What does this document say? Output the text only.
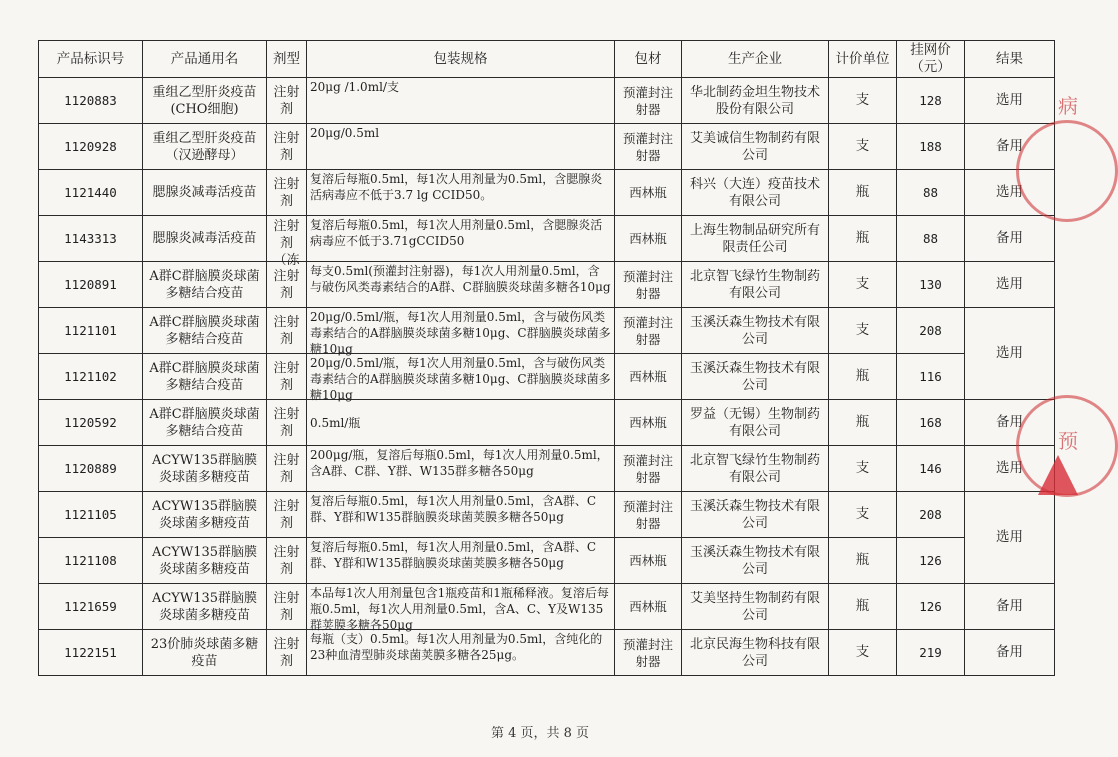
产品标识号	产品通用名	剂型	包装规格	包材	生产企业	计价单位	挂网价（元）	结果
1120883	重组乙型肝炎疫苗(CHO细胞)	注射剂	20μg /1.0ml/支	预灌封注射器	华北制药金坦生物技术股份有限公司	支	128	选用
1120928	重组乙型肝炎疫苗（汉逊酵母）	注射剂	20μg/0.5ml	预灌封注射器	艾美诚信生物制药有限公司	支	188	备用
1121440	腮腺炎减毒活疫苗	注射剂	复溶后每瓶0.5ml，每1次人用剂量为0.5ml，含腮腺炎活病毒应不低于3.7 lg CCID50。	西林瓶	科兴（大连）疫苗技术有限公司	瓶	88	选用
1143313	腮腺炎减毒活疫苗	注射剂（冻	复溶后每瓶0.5ml，每1次人用剂量0.5ml，含腮腺炎活病毒应不低于3.71gCCID50	西林瓶	上海生物制品研究所有限责任公司	瓶	88	备用
1120891	A群C群脑膜炎球菌多糖结合疫苗	注射剂	每支0.5ml(预灌封注射器)，每1次人用剂量0.5ml，含与破伤风类毒素结合的A群、C群脑膜炎球菌多糖各10μg	预灌封注射器	北京智飞绿竹生物制药有限公司	支	130	选用
1121101	A群C群脑膜炎球菌多糖结合疫苗	注射剂	20μg/0.5ml/瓶，每1次人用剂量0.5ml，含与破伤风类毒素结合的A群脑膜炎球菌多糖10μg、C群脑膜炎球菌多糖10μg	预灌封注射器	玉溪沃森生物技术有限公司	支	208	选用
1121102	A群C群脑膜炎球菌多糖结合疫苗	注射剂	20μg/0.5ml/瓶，每1次人用剂量0.5ml，含与破伤风类毒素结合的A群脑膜炎球菌多糖10μg、C群脑膜炎球菌多糖10μg	西林瓶	玉溪沃森生物技术有限公司	瓶	116	
1120592	A群C群脑膜炎球菌多糖结合疫苗	注射剂	0.5ml/瓶	西林瓶	罗益（无锡）生物制药有限公司	瓶	168	备用
1120889	ACYW135群脑膜炎球菌多糖疫苗	注射剂	200μg/瓶，复溶后每瓶0.5ml，每1次人用剂量0.5ml，含A群、C群、Y群、W135群多糖各50μg	预灌封注射器	北京智飞绿竹生物制药有限公司	支	146	选用
1121105	ACYW135群脑膜炎球菌多糖疫苗	注射剂	复溶后每瓶0.5ml，每1次人用剂量0.5ml，含A群、C群、Y群和W135群脑膜炎球菌荚膜多糖各50μg	预灌封注射器	玉溪沃森生物技术有限公司	支	208	选用
1121108	ACYW135群脑膜炎球菌多糖疫苗	注射剂	复溶后每瓶0.5ml，每1次人用剂量0.5ml，含A群、C群、Y群和W135群脑膜炎球菌荚膜多糖各50μg	西林瓶	玉溪沃森生物技术有限公司	瓶	126	
1121659	ACYW135群脑膜炎球菌多糖疫苗	注射剂	本品每1次人用剂量包含1瓶疫苗和1瓶稀释液。复溶后每瓶0.5ml，每1次人用剂量0.5ml，含A、C、Y及W135群荚膜多糖各50μg	西林瓶	艾美坚持生物制药有限公司	瓶	126	备用
1122151	23价肺炎球菌多糖疫苗	注射剂	每瓶（支）0.5ml。每1次人用剂量为0.5ml，含纯化的23种血清型肺炎球菌荚膜多糖各25μg。	预灌封注射器	北京民海生物科技有限公司	支	219	备用
病
预
第 4 页，共 8 页
